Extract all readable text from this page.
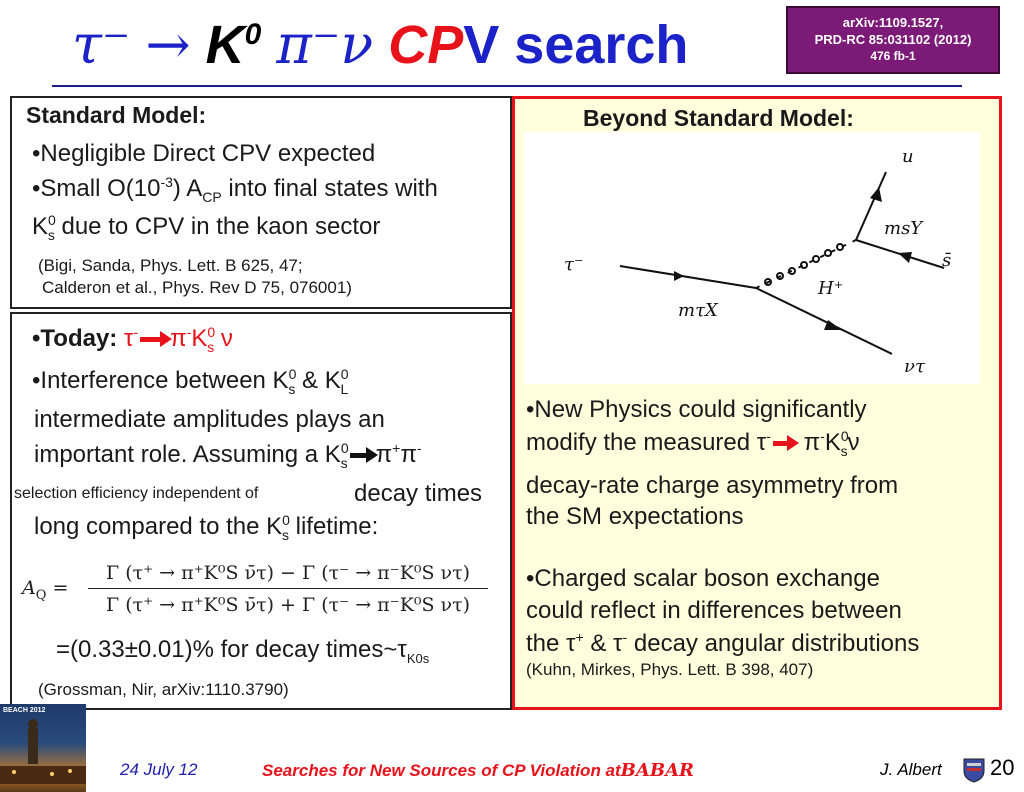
$\tau^- \to K^0$ π⁻ν CPV search	arXiv:1109.1527,
PRD-RC 85:031102 (2012)
476 fb-1
Standard Model:
•Negligible Direct CPV expected
•Small $O(10^{-3})$ $A_{CP}$ into final states with
$K^0_s$ due to CPV in the kaon sector
(Bigi, Sanda, Phys. Lett. B 625, 47;
Calderon et al., Phys. Rev D 75, 076001)
•Today: τ- $\pi^-K^0_s$ ν
•Interference between $K^0_s$ & $K^0_L$
intermediate amplitudes plays an
important role. Assuming a $K^0_s$ π+π-
selection efficiency independent of	decay times
long compared to the $K^0_s$ lifetime:
$A_Q$ =
Γ (τ⁺ → π⁺K⁰S ν̄τ) − Γ (τ⁻ → π⁻K⁰S ντ)
Γ (τ⁺ → π⁺K⁰S ν̄τ) + Γ (τ⁻ → π⁻K⁰S ντ)
=(0.33±0.01)% for decay $times\sim\tau_{K0s}$
(Grossman, Nir, arXiv:1110.3790)
Beyond Standard Model:
τ⁻
mτX
H⁺
msY
u
s̄
ντ
•New Physics could significantly
modify the measured τ- $\pi^-K^0_s\nu$
decay-rate charge asymmetry from
the SM expectations
•Charged scalar boson exchange
could reflect in differences between
the τ+ & τ- decay angular distributions
(Kuhn, Mirkes, Phys. Lett. B 398, 407)
BEACH 2012
24 July 12	Searches for New Sources of CP Violation atBABAR	J. Albert 20
